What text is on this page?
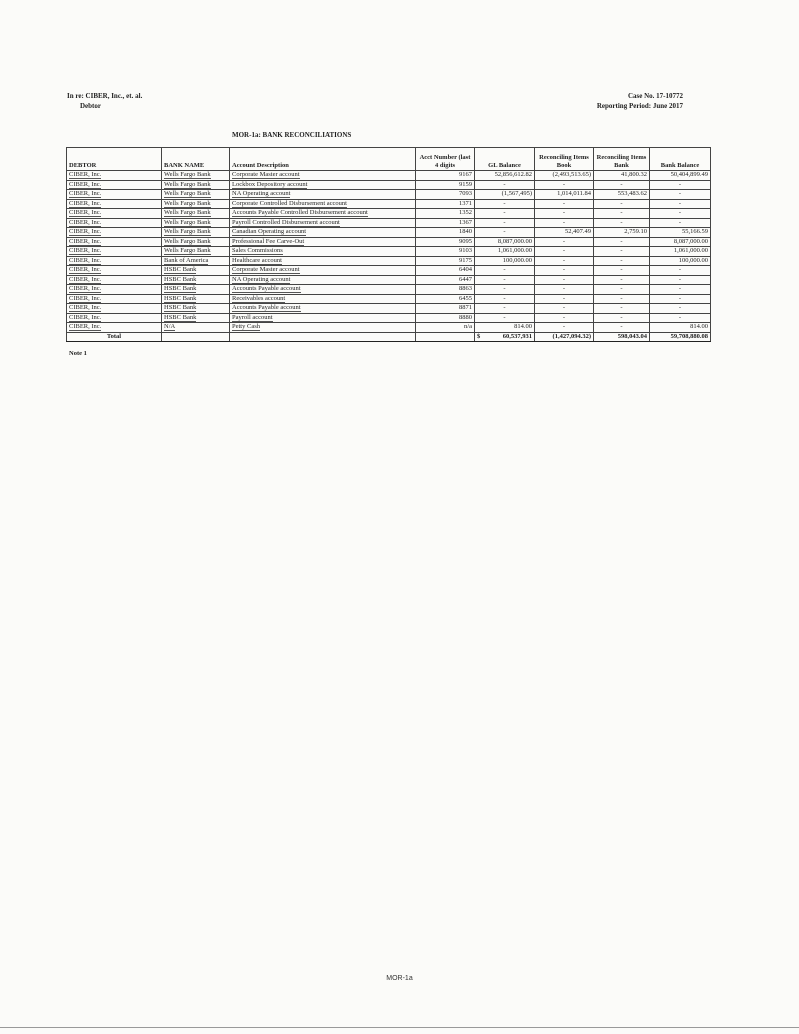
In re: CIBER, Inc., et. al.
Debtor
Case No. 17-10772
Reporting Period: June 2017
MOR-1a: BANK RECONCILIATIONS
DEBTOR	BANK NAME	Account Description	Acct Number (last 4 digits	GL Balance	Reconciling Items Book	Reconciling Items Bank	Bank Balance
CIBER, Inc.	Wells Fargo Bank	Corporate Master account	9167	52,856,612.82	(2,493,513.65)	41,800.32	50,404,899.49
CIBER, Inc.	Wells Fargo Bank	Lockbox Depository account	9159	-	-	-	-
CIBER, Inc.	Wells Fargo Bank	NA Operating account	7093	(1,567,495)	1,014,011.84	553,483.62	-
CIBER, Inc.	Wells Fargo Bank	Corporate Controlled Disbursement account	1371	-	-	-	-
CIBER, Inc.	Wells Fargo Bank	Accounts Payable Controlled Disbursement account	1352	-	-	-	-
CIBER, Inc.	Wells Fargo Bank	Payroll Controlled Disbursement account	1367	-	-	-	-
CIBER, Inc.	Wells Fargo Bank	Canadian Operating account	1840	-	52,407.49	2,759.10	55,166.59
CIBER, Inc.	Wells Fargo Bank	Professional Fee Carve-Out	9095	8,087,000.00	-	-	8,087,000.00
CIBER, Inc.	Wells Fargo Bank	Sales Commissions	9103	1,061,000.00	-	-	1,061,000.00
CIBER, Inc.	Bank of America	Healthcare account	9175	100,000.00	-	-	100,000.00
CIBER, Inc.	HSBC Bank	Corporate Master account	6404	-	-	-	-
CIBER, Inc.	HSBC Bank	NA Operating account	6447	-	-	-	-
CIBER, Inc.	HSBC Bank	Accounts Payable account	8863	-	-	-	-
CIBER, Inc.	HSBC Bank	Receivables account	6455	-	-	-	-
CIBER, Inc.	HSBC Bank	Accounts Payable account	8871	-	-	-	-
CIBER, Inc.	HSBC Bank	Payroll account	8880	-	-	-	-
CIBER, Inc.	N/A	Petty Cash	n/a	814.00	-	-	814.00
Total				$ 60,537,931	(1,427,094.32)	598,043.04	59,708,880.08
Note 1
MOR-1a
